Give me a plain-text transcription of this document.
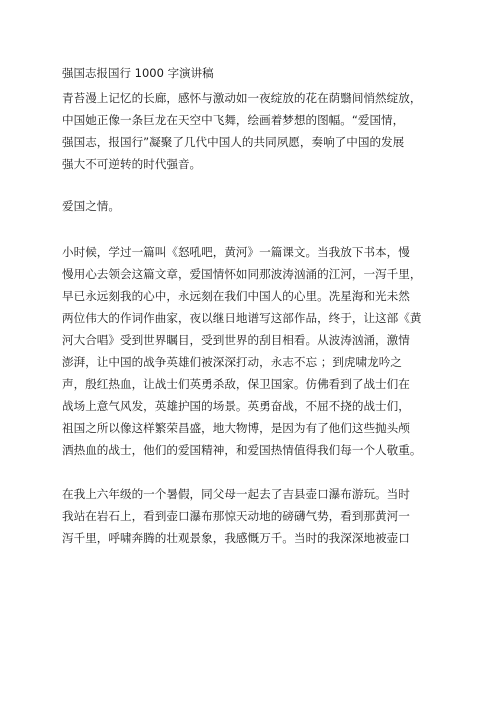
强国志报国行 1000 字演讲稿
青苔漫上记忆的长廊，感怀与激动如一夜绽放的花在荫翳间悄然绽放，
中国她正像一条巨龙在天空中飞舞，绘画着梦想的图幅。“爱国情，
强国志，报国行”凝聚了几代中国人的共同夙愿，奏响了中国的发展
强大不可逆转的时代强音。
爱国之情。
小时候，学过一篇叫《怒吼吧，黄河》一篇课文。当我放下书本，慢
慢用心去领会这篇文章，爱国情怀如同那波涛汹涌的江河，一泻千里，
早已永远刻我的心中，永远刻在我们中国人的心里。冼星海和光未然
两位伟大的作词作曲家，夜以继日地谱写这部作品，终于，让这部《黄
河大合唱》受到世界瞩目，受到世界的刮目相看。从波涛汹涌，激情
澎湃，让中国的战争英雄们被深深打动，永志不忘 ；到虎啸龙吟之
声，殷红热血，让战士们英勇杀敌，保卫国家。仿佛看到了战士们在
战场上意气风发，英雄护国的场景。英勇奋战，不屈不挠的战士们，
祖国之所以像这样繁荣昌盛，地大物博，是因为有了他们这些抛头颅
洒热血的战士，他们的爱国精神，和爱国热情值得我们每一个人敬重。
在我上六年级的一个暑假，同父母一起去了吉县壶口瀑布游玩。当时
我站在岩石上，看到壶口瀑布那惊天动地的磅礴气势，看到那黄河一
泻千里，呼啸奔腾的壮观景象，我感慨万千。当时的我深深地被壶口
